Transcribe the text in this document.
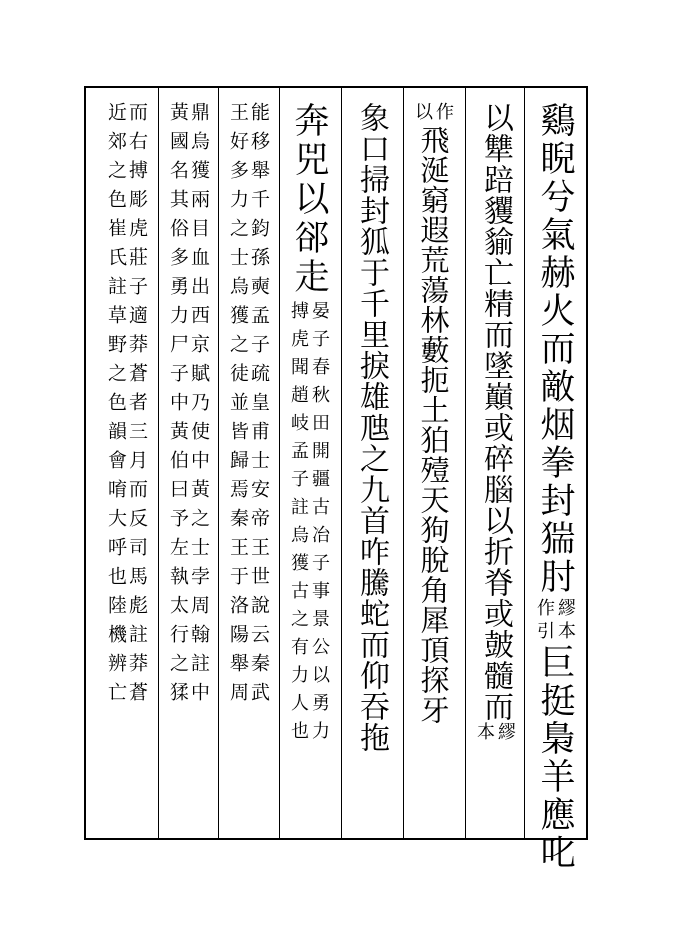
鷄睨兮氣赫火而敵烟拳封猯肘
繆本
作引
巨挺梟羊應叱
以犨踣貜貐亡精而墜巔或碎腦以折脊或皷髓而
繆
本
作
以
飛涎窮遐荒蕩林藪扼土狛殪天狗脫角犀頂探牙
象口掃封狐于千里捩雄虺之九首咋騰蛇而仰吞拖
奔兕以郤走
晏子春秋田開疆古冶子事景公以勇力
搏虎聞趙岐孟子註烏獲古之有力人也
能移舉千鈞孫奭孟子疏皇甫士安帝王世說云秦武
王好多力之士烏獲之徒並皆歸焉秦王于洛陽舉周
鼎烏獲兩目血出西京賦乃使中黃之士孛周翰註中
黃國名其俗多勇力尸子中黃伯曰予左執太行之猱
而右搏彫虎莊子適莽蒼者三月而反司馬彪註莽蒼
近郊之色崔氏註草野之色韻會唷大呼也陸機辨亡
